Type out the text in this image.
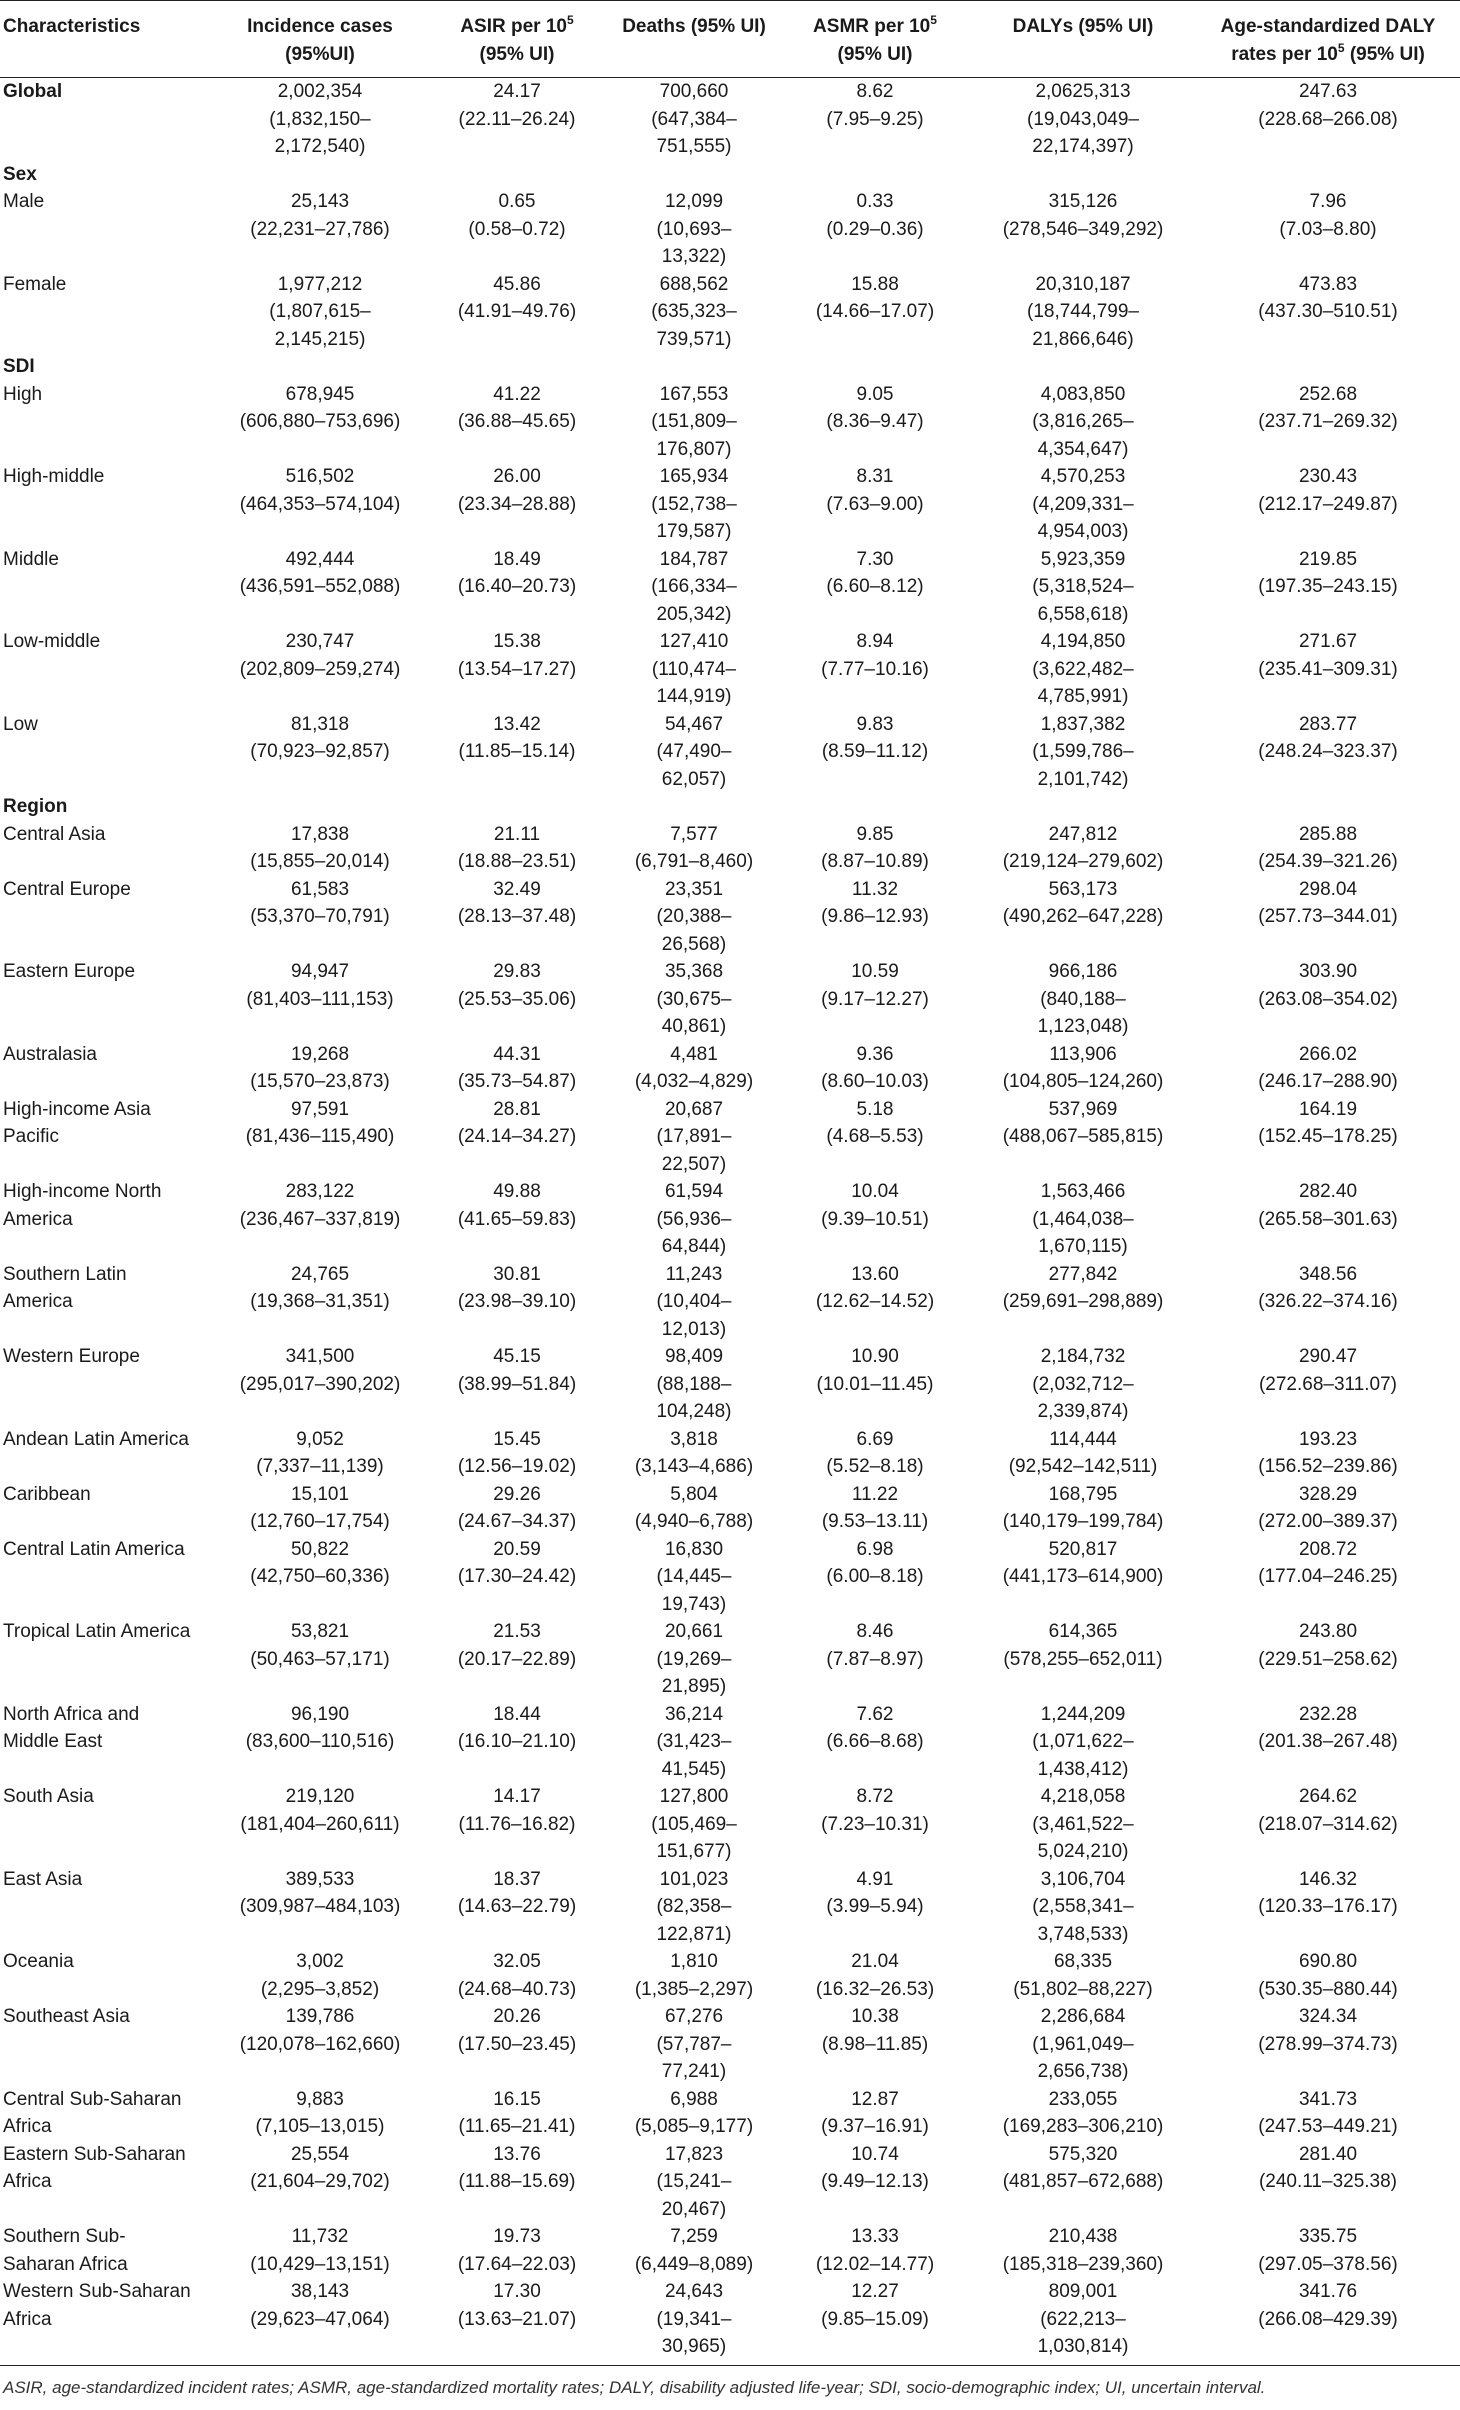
Characteristics	Incidence cases (95%UI)	ASIR per $10^5$
(95% UI)	Deaths (95% UI)	ASMR per $10^5$
(95% UI)	DALYs (95% UI)	Age-standardized DALY rates per $10^5$ (95% UI)
Global	2,002,354
(1,832,150–
2,172,540)	24.17
(22.11–26.24)	700,660
(647,384–
751,555)	8.62
(7.95–9.25)	2,0625,313
(19,043,049–
22,174,397)	247.63
(228.68–266.08)

Sex						
Male	25,143
(22,231–27,786)	0.65
(0.58–0.72)	12,099
(10,693–
13,322)	0.33
(0.29–0.36)	315,126
(278,546–349,292)	7.96
(7.03–8.80)

Female	1,977,212
(1,807,615–
2,145,215)	45.86
(41.91–49.76)	688,562
(635,323–
739,571)	15.88
(14.66–17.07)	20,310,187
(18,744,799–
21,866,646)	473.83
(437.30–510.51)

SDI						
High	678,945
(606,880–753,696)	41.22
(36.88–45.65)	167,553
(151,809–
176,807)	9.05
(8.36–9.47)	4,083,850
(3,816,265–
4,354,647)	252.68
(237.71–269.32)

High-middle	516,502
(464,353–574,104)	26.00
(23.34–28.88)	165,934
(152,738–
179,587)	8.31
(7.63–9.00)	4,570,253
(4,209,331–
4,954,003)	230.43
(212.17–249.87)

Middle	492,444
(436,591–552,088)	18.49
(16.40–20.73)	184,787
(166,334–
205,342)	7.30
(6.60–8.12)	5,923,359
(5,318,524–
6,558,618)	219.85
(197.35–243.15)

Low-middle	230,747
(202,809–259,274)	15.38
(13.54–17.27)	127,410
(110,474–
144,919)	8.94
(7.77–10.16)	4,194,850
(3,622,482–
4,785,991)	271.67
(235.41–309.31)

Low	81,318
(70,923–92,857)	13.42
(11.85–15.14)	54,467
(47,490–
62,057)	9.83
(8.59–11.12)	1,837,382
(1,599,786–
2,101,742)	283.77
(248.24–323.37)

Region						
Central Asia	17,838
(15,855–20,014)	21.11
(18.88–23.51)	7,577
(6,791–8,460)	9.85
(8.87–10.89)	247,812
(219,124–279,602)	285.88
(254.39–321.26)

Central Europe	61,583
(53,370–70,791)	32.49
(28.13–37.48)	23,351
(20,388–
26,568)	11.32
(9.86–12.93)	563,173
(490,262–647,228)	298.04
(257.73–344.01)

Eastern Europe	94,947
(81,403–111,153)	29.83
(25.53–35.06)	35,368
(30,675–
40,861)	10.59
(9.17–12.27)	966,186
(840,188–
1,123,048)	303.90
(263.08–354.02)

Australasia	19,268
(15,570–23,873)	44.31
(35.73–54.87)	4,481
(4,032–4,829)	9.36
(8.60–10.03)	113,906
(104,805–124,260)	266.02
(246.17–288.90)

High-income Asia
Pacific	97,591
(81,436–115,490)	28.81
(24.14–34.27)	20,687
(17,891–
22,507)	5.18
(4.68–5.53)	537,969
(488,067–585,815)	164.19
(152.45–178.25)

High-income North
America	283,122
(236,467–337,819)	49.88
(41.65–59.83)	61,594
(56,936–
64,844)	10.04
(9.39–10.51)	1,563,466
(1,464,038–
1,670,115)	282.40
(265.58–301.63)

Southern Latin
America	24,765
(19,368–31,351)	30.81
(23.98–39.10)	11,243
(10,404–
12,013)	13.60
(12.62–14.52)	277,842
(259,691–298,889)	348.56
(326.22–374.16)

Western Europe	341,500
(295,017–390,202)	45.15
(38.99–51.84)	98,409
(88,188–
104,248)	10.90
(10.01–11.45)	2,184,732
(2,032,712–
2,339,874)	290.47
(272.68–311.07)

Andean Latin America	9,052
(7,337–11,139)	15.45
(12.56–19.02)	3,818
(3,143–4,686)	6.69
(5.52–8.18)	114,444
(92,542–142,511)	193.23
(156.52–239.86)

Caribbean	15,101
(12,760–17,754)	29.26
(24.67–34.37)	5,804
(4,940–6,788)	11.22
(9.53–13.11)	168,795
(140,179–199,784)	328.29
(272.00–389.37)

Central Latin America	50,822
(42,750–60,336)	20.59
(17.30–24.42)	16,830
(14,445–
19,743)	6.98
(6.00–8.18)	520,817
(441,173–614,900)	208.72
(177.04–246.25)

Tropical Latin America	53,821
(50,463–57,171)	21.53
(20.17–22.89)	20,661
(19,269–
21,895)	8.46
(7.87–8.97)	614,365
(578,255–652,011)	243.80
(229.51–258.62)

North Africa and
Middle East	96,190
(83,600–110,516)	18.44
(16.10–21.10)	36,214
(31,423–
41,545)	7.62
(6.66–8.68)	1,244,209
(1,071,622–
1,438,412)	232.28
(201.38–267.48)

South Asia	219,120
(181,404–260,611)	14.17
(11.76–16.82)	127,800
(105,469–
151,677)	8.72
(7.23–10.31)	4,218,058
(3,461,522–
5,024,210)	264.62
(218.07–314.62)

East Asia	389,533
(309,987–484,103)	18.37
(14.63–22.79)	101,023
(82,358–
122,871)	4.91
(3.99–5.94)	3,106,704
(2,558,341–
3,748,533)	146.32
(120.33–176.17)

Oceania	3,002
(2,295–3,852)	32.05
(24.68–40.73)	1,810
(1,385–2,297)	21.04
(16.32–26.53)	68,335
(51,802–88,227)	690.80
(530.35–880.44)

Southeast Asia	139,786
(120,078–162,660)	20.26
(17.50–23.45)	67,276
(57,787–
77,241)	10.38
(8.98–11.85)	2,286,684
(1,961,049–
2,656,738)	324.34
(278.99–374.73)

Central Sub-Saharan
Africa	9,883
(7,105–13,015)	16.15
(11.65–21.41)	6,988
(5,085–9,177)	12.87
(9.37–16.91)	233,055
(169,283–306,210)	341.73
(247.53–449.21)

Eastern Sub-Saharan
Africa	25,554
(21,604–29,702)	13.76
(11.88–15.69)	17,823
(15,241–
20,467)	10.74
(9.49–12.13)	575,320
(481,857–672,688)	281.40
(240.11–325.38)

Southern Sub-
Saharan Africa	11,732
(10,429–13,151)	19.73
(17.64–22.03)	7,259
(6,449–8,089)	13.33
(12.02–14.77)	210,438
(185,318–239,360)	335.75
(297.05–378.56)

Western Sub-Saharan
Africa	38,143
(29,623–47,064)	17.30
(13.63–21.07)	24,643
(19,341–
30,965)	12.27
(9.85–15.09)	809,001
(622,213–
1,030,814)	341.76
(266.08–429.39)
ASIR, age-standardized incident rates; ASMR, age-standardized mortality rates; DALY, disability adjusted life-year; SDI, socio-demographic index; UI, uncertain interval.
